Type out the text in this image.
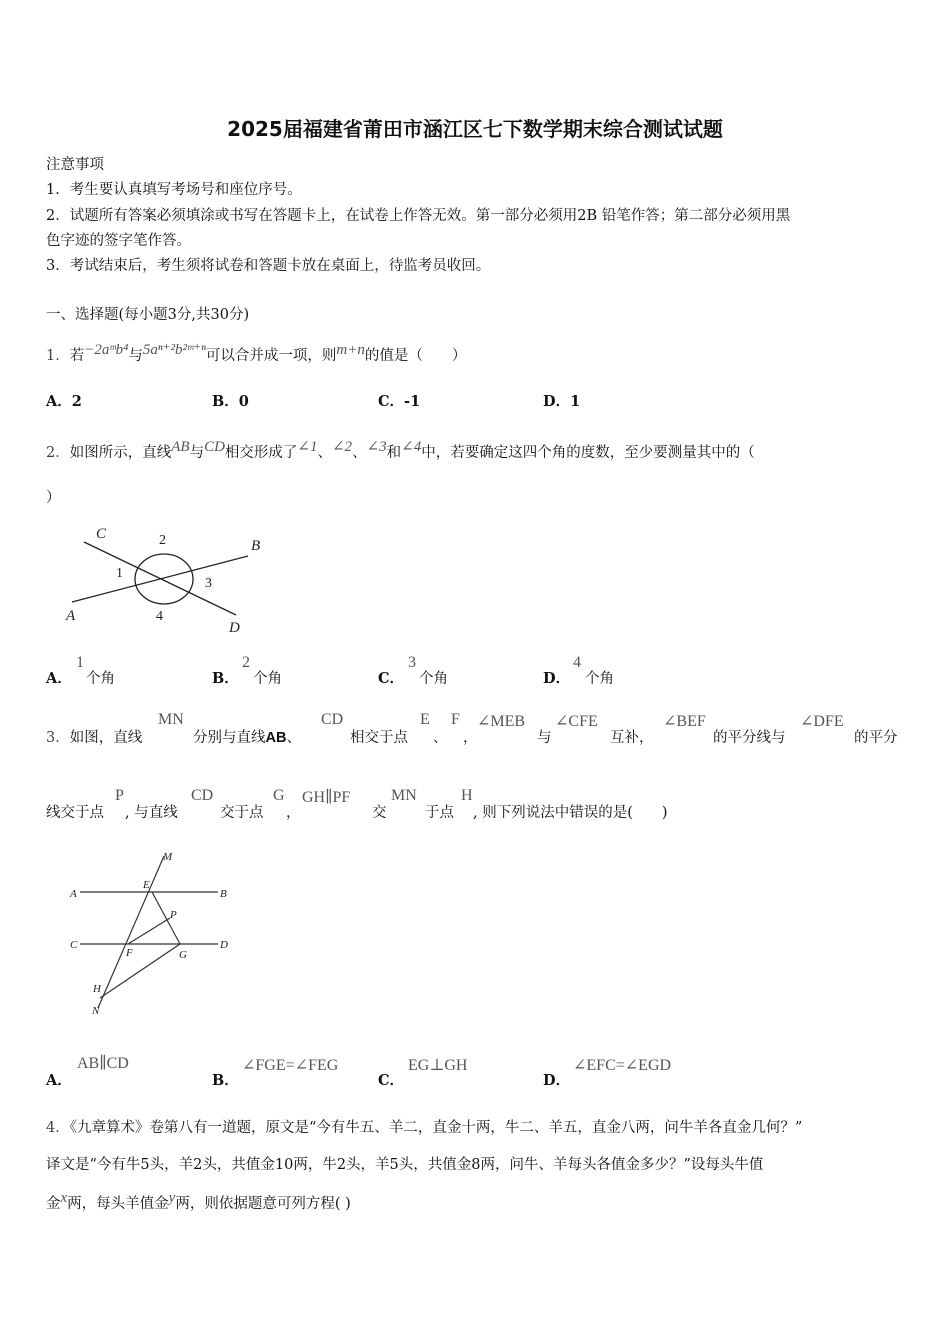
2025届福建省莆田市涵江区七下数学期末综合测试试题
注意事项
1．考生要认真填写考场号和座位序号。
2．试题所有答案必须填涂或书写在答题卡上，在试卷上作答无效。第一部分必须用2B 铅笔作答；第二部分必须用黑
色字迹的签字笔作答。
3．考试结束后，考生须将试卷和答题卡放在桌面上，待监考员收回。
一、选择题(每小题3分,共30分)
1．若$^{-2aᵐb^4}$与$^{5a^{n+2}b^2ᵐ^{+n}}$可以合并成一项，则$^{m+n}$的值是（　　）
A．2	B．0	C．-1	D．1
2．如图所示，直线$^{AB}$与$^{CD}$相交形成了$^{\angle 1}$、$^{\angle 2}$、$^{\angle 3}$和$^{\angle 4}$中，若要确定这四个角的度数，至少要测量其中的（
）
C
B
A
D
1
2
3
4
A．
1
个角	B．
2
个角	C．
3
个角	D．
4
个角
3．如图，直线
MN
分别与直线AB、
CD
相交于点
E
、
F
，
∠MEB
与
∠CFE
互补，
∠BEF
的平分线与
∠DFE
的平分
线交于点
P
, 与直线
CD
交于点
G
，
GH∥PF
交
MN
于点
H
, 则下列说法中错误的是(　　)
M
A
E
B
P
C
F	G
D
H
N
A．
AB∥CD
B．
∠FGE=∠FEG
C．
EG⊥GH
D．
∠EFC=∠EGD
4．《九章算术》卷第八有一道题，原文是“今有牛五、羊二，直金十两，牛二、羊五，直金八两，问牛羊各直金几何？”
译文是“今有牛5头，羊2头，共值金10两，牛2头，羊5头，共值金8两，问牛、羊每头各值金多少？”设每头牛值
金$^x$两，每头羊值金$^y$两，则依据题意可列方程( )
